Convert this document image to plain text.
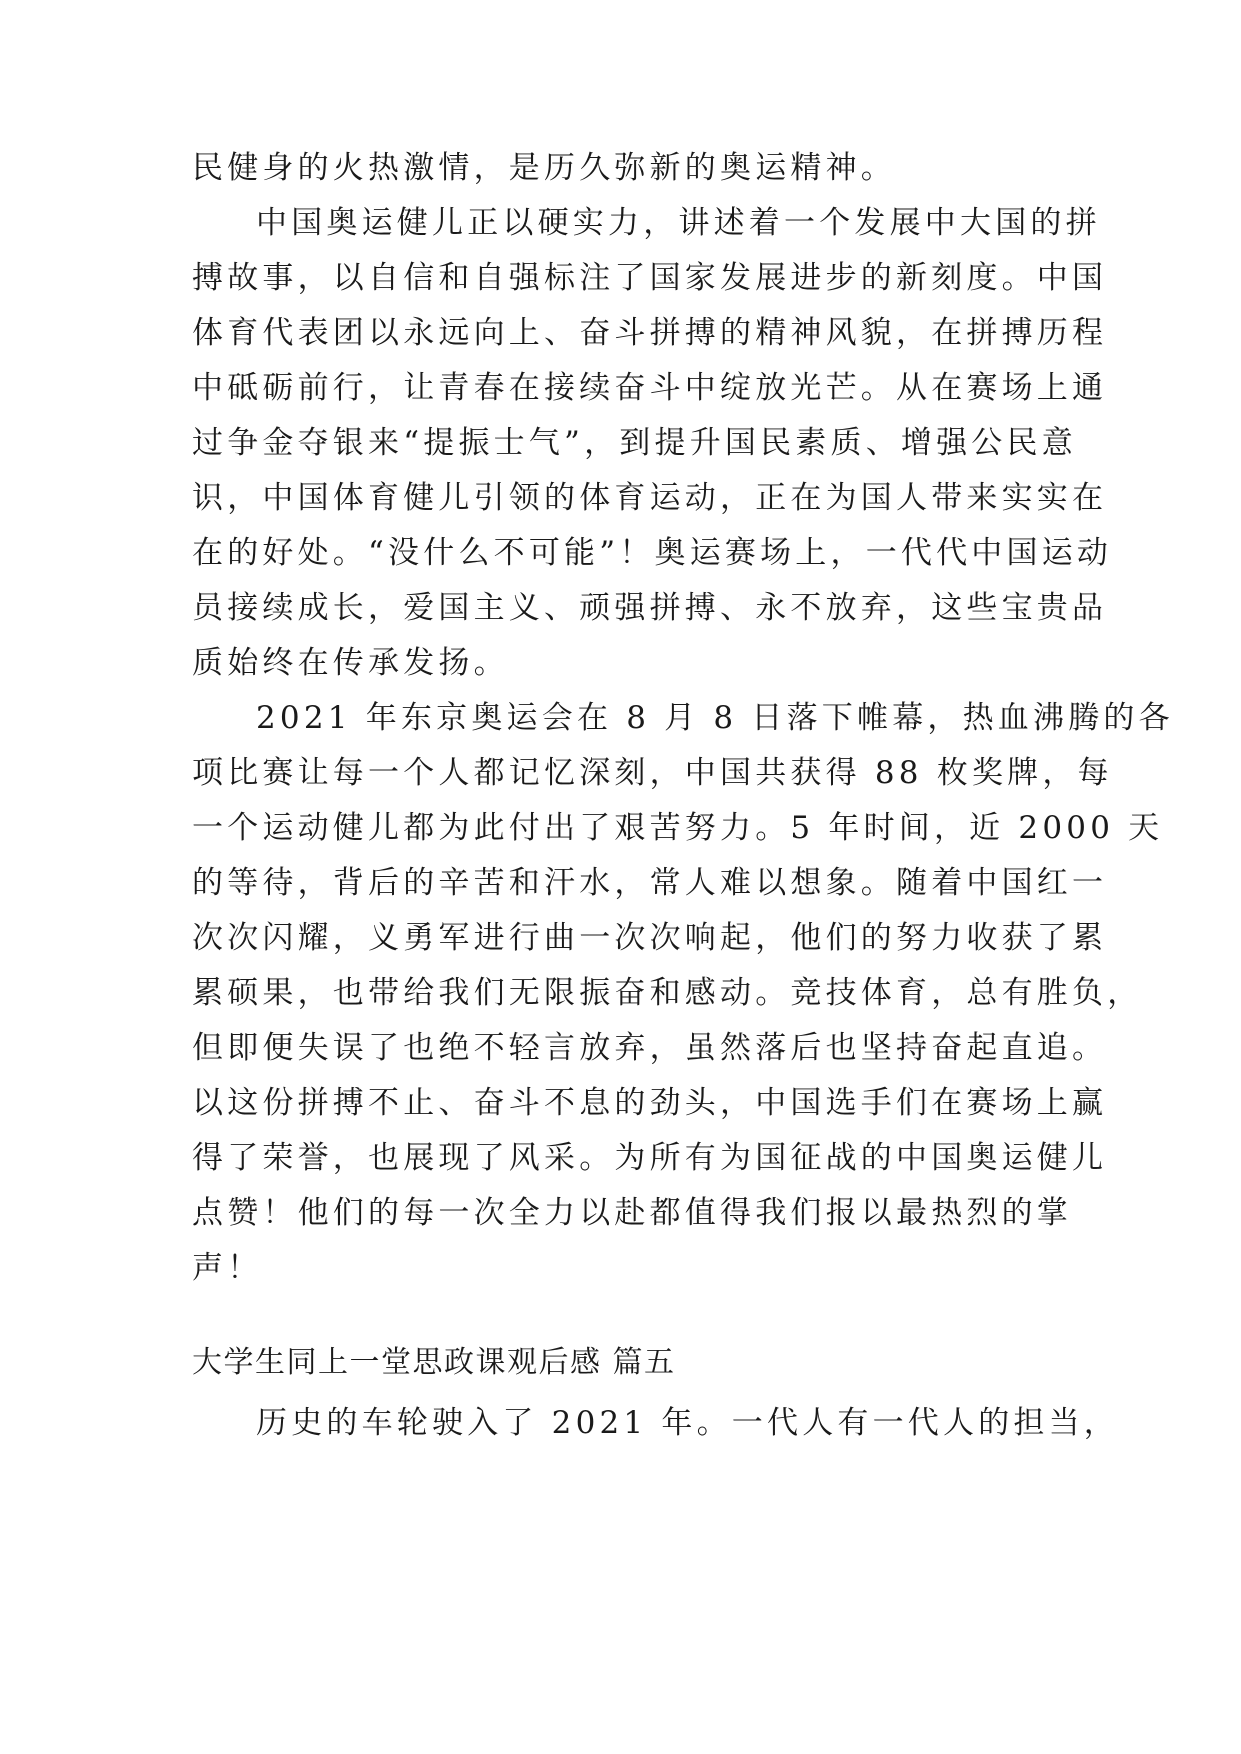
民健身的火热激情，是历久弥新的奥运精神。
中国奥运健儿正以硬实力，讲述着一个发展中大国的拼
搏故事，以自信和自强标注了国家发展进步的新刻度。中国
体育代表团以永远向上、奋斗拼搏的精神风貌，在拼搏历程
中砥砺前行，让青春在接续奋斗中绽放光芒。从在赛场上通
过争金夺银来“提振士气”，到提升国民素质、增强公民意
识，中国体育健儿引领的体育运动，正在为国人带来实实在
在的好处。“没什么不可能”！奥运赛场上，一代代中国运动
员接续成长，爱国主义、顽强拼搏、永不放弃，这些宝贵品
质始终在传承发扬。
2021 年东京奥运会在 8 月 8 日落下帷幕，热血沸腾的各
项比赛让每一个人都记忆深刻，中国共获得 88 枚奖牌，每
一个运动健儿都为此付出了艰苦努力。5 年时间，近 2000 天
的等待，背后的辛苦和汗水，常人难以想象。随着中国红一
次次闪耀，义勇军进行曲一次次响起，他们的努力收获了累
累硕果，也带给我们无限振奋和感动。竞技体育，总有胜负，
但即便失误了也绝不轻言放弃，虽然落后也坚持奋起直追。
以这份拼搏不止、奋斗不息的劲头，中国选手们在赛场上赢
得了荣誉，也展现了风采。为所有为国征战的中国奥运健儿
点赞！他们的每一次全力以赴都值得我们报以最热烈的掌
声！
大学生同上一堂思政课观后感 篇五
历史的车轮驶入了 2021 年。一代人有一代人的担当，
